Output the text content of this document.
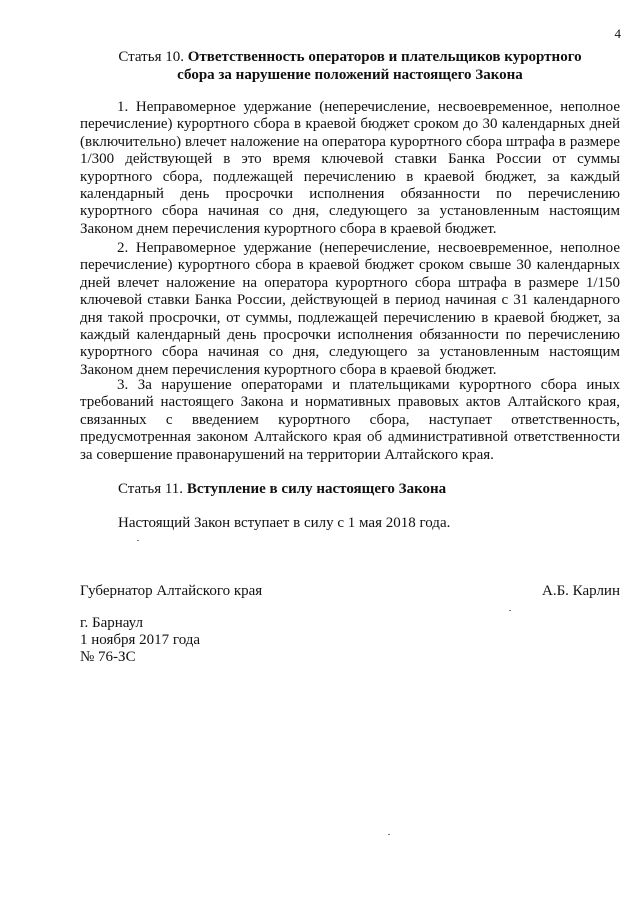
4
Статья 10. Ответственность операторов и плательщиков курортного
сбора за нарушение положений настоящего Закона

1. Неправомерное удержание (неперечисление, несвоевременное, неполное перечисление) курортного сбора в краевой бюджет сроком до 30 календарных дней (включительно) влечет наложение на оператора курортного сбора штрафа в размере 1/300 действующей в это время ключевой ставки Банка России от суммы курортного сбора, подлежащей перечислению в краевой бюджет, за каждый календарный день просрочки исполнения обязанности по перечислению курортного сбора начиная со дня, следующего за установленным настоящим Законом днем перечисления курортного сбора в краевой бюджет.

2. Неправомерное удержание (неперечисление, несвоевременное, неполное перечисление) курортного сбора в краевой бюджет сроком свыше 30 календарных дней влечет наложение на оператора курортного сбора штрафа в размере 1/150 ключевой ставки Банка России, действующей в период начиная с 31 календарного дня такой просрочки, от суммы, подлежащей перечислению в краевой бюджет, за каждый календарный день просрочки исполнения обязанности по перечислению курортного сбора начиная со дня, следующего за установленным настоящим Законом днем перечисления курортного сбора в краевой бюджет.

3. За нарушение операторами и плательщиками курортного сбора иных требований настоящего Закона и нормативных правовых актов Алтайского края, связанных с введением курортного сбора, наступает ответственность, предусмотренная законом Алтайского края об административной ответственности за совершение правонарушений на территории Алтайского края.

Статья 11. Вступление в силу настоящего Закона
Настоящий Закон вступает в силу с 1 мая 2018 года.
Губернатор Алтайского края	А.Б. Карлин
г. Барнаул
1 ноября 2017 года
№ 76-ЗС
